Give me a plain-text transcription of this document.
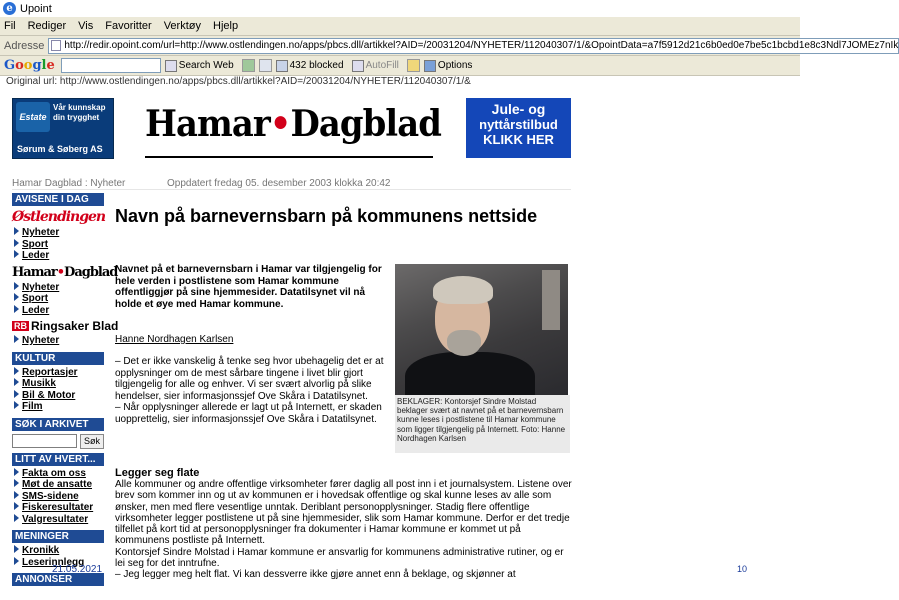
e Upoint
Fil Rediger Vis Favoritter Verktøy Hjelp
Adresse http://redir.opoint.com/url=http://www.ostlendingen.no/apps/pbcs.dll/artikkel?AID=/20031204/NYHETER/112040307/1/&OpointData=a7f5912d21c6b0ed0e7be5c1bcbd1e8c3Ndl7JOMEz7nIk
Google	Search Web	432 blocked AutoFill	Options
Original url: http://www.ostlendingen.no/apps/pbcs.dll/artikkel?AID=/20031204/NYHETER/112040307/1/&
Estate
Vår kunnskap din trygghet
Sørum & Søberg AS
Hamar•Dagblad	Jule- og
nyttårstilbud
KLIKK HER
Hamar Dagblad : Nyheter	Oppdatert fredag 05. desember 2003 klokka 20:42
AVISENE I DAG
Østlendingen
Nyheter
Sport
Leder
Hamar•Dagblad
Nyheter
Sport
Leder
RB Ringsaker Blad
Nyheter
KULTUR
Reportasjer
Musikk
Bil & Motor
Film
SØK I ARKIVET
Søk
LITT AV HVERT...
Fakta om oss
Møt de ansatte
SMS-sidene
Fiskeresultater
Valgresultater
MENINGER
Kronikk
Leserinnlegg
ANNONSER
Navn på barnevernsbarn på kommunens nettside
Navnet på et barnevernsbarn i Hamar var tilgjengelig for hele verden i postlistene som Hamar kommune offentliggjør på sine hjemmesider. Datatilsynet vil nå holde et øye med Hamar kommune.
Hanne Nordhagen Karlsen
– Det er ikke vanskelig å tenke seg hvor ubehagelig det er at opplysninger om de mest sårbare tingene i livet blir gjort tilgjengelig for alle og enhver. Vi ser svært alvorlig på slike hendelser, sier informasjonssjef Ove Skåra i Datatilsynet.
– Når opplysninger allerede er lagt ut på Internett, er skaden uopprettelig, sier informasjonssjef Ove Skåra i Datatilsynet.
BEKLAGER: Kontorsjef Sindre Molstad beklager svært at navnet på et barnevernsbarn kunne leses i postlistene til Hamar kommune som ligger tilgjengelig på Internett. Foto: Hanne Nordhagen Karlsen
Legger seg flate
Alle kommuner og andre offentlige virksomheter fører daglig all post inn i et journalsystem. Listene over brev som kommer inn og ut av kommunen er i hovedsak offentlige og skal kunne leses av alle som ønsker, men med flere vesentlige unntak. Deriblant personopplysninger. Stadig flere offentlige virksomheter legger postlistene ut på sine hjemmesider, slik som Hamar kommune. Derfor er det tredje tilfellet på kort tid at personopplysninger fra dokumenter i Hamar kommune er kommet ut på kommunens postliste på Internett.
Kontorsjef Sindre Molstad i Hamar kommune er ansvarlig for kommunens administrative rutiner, og er lei seg for det inntrufne.
– Jeg legger meg helt flat. Vi kan dessverre ikke gjøre annet enn å beklage, og skjønner at
21.05.2021	10
